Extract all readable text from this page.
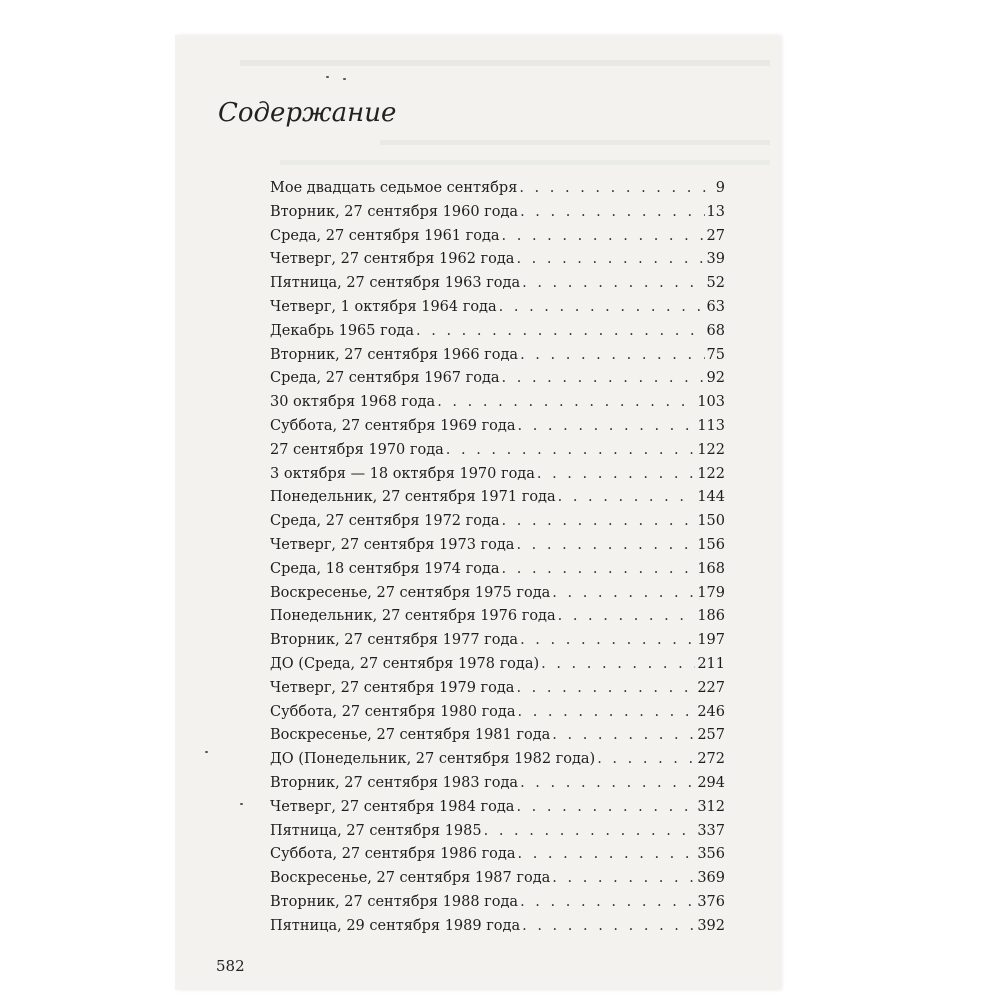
Содержание
Мое двадцать седьмое сентября . . .	9
Вторник, 27 сентября 1960 года . . .	13
Среда, 27 сентября 1961 года . . .	27
Четверг, 27 сентября 1962 года . . .	39
Пятница, 27 сентября 1963 года . . .	52
Четверг, 1 октября 1964 года . . .	63
Декабрь 1965 года . . .	68
Вторник, 27 сентября 1966 года . . .	75
Среда, 27 сентября 1967 года . . .	92
30 октября 1968 года . . .	103
Суббота, 27 сентября 1969 года . . .	113
27 сентября 1970 года . . .	122
3 октября — 18 октября 1970 года . . .	122
Понедельник, 27 сентября 1971 года . . .	144
Среда, 27 сентября 1972 года . . .	150
Четверг, 27 сентября 1973 года . . .	156
Среда, 18 сентября 1974 года . . .	168
Воскресенье, 27 сентября 1975 года . . .	179
Понедельник, 27 сентября 1976 года . . .	186
Вторник, 27 сентября 1977 года . . .	197
ДО (Среда, 27 сентября 1978 года) . . .	211
Четверг, 27 сентября 1979 года . . .	227
Суббота, 27 сентября 1980 года . . .	246
Воскресенье, 27 сентября 1981 года . . .	257
ДО (Понедельник, 27 сентября 1982 года) . . .	272
Вторник, 27 сентября 1983 года . . .	294
Четверг, 27 сентября 1984 года . . .	312
Пятница, 27 сентября 1985 . . .	337
Суббота, 27 сентября 1986 года . . .	356
Воскресенье, 27 сентября 1987 года . . .	369
Вторник, 27 сентября 1988 года . . .	376
Пятница, 29 сентября 1989 года . . .	392
582
